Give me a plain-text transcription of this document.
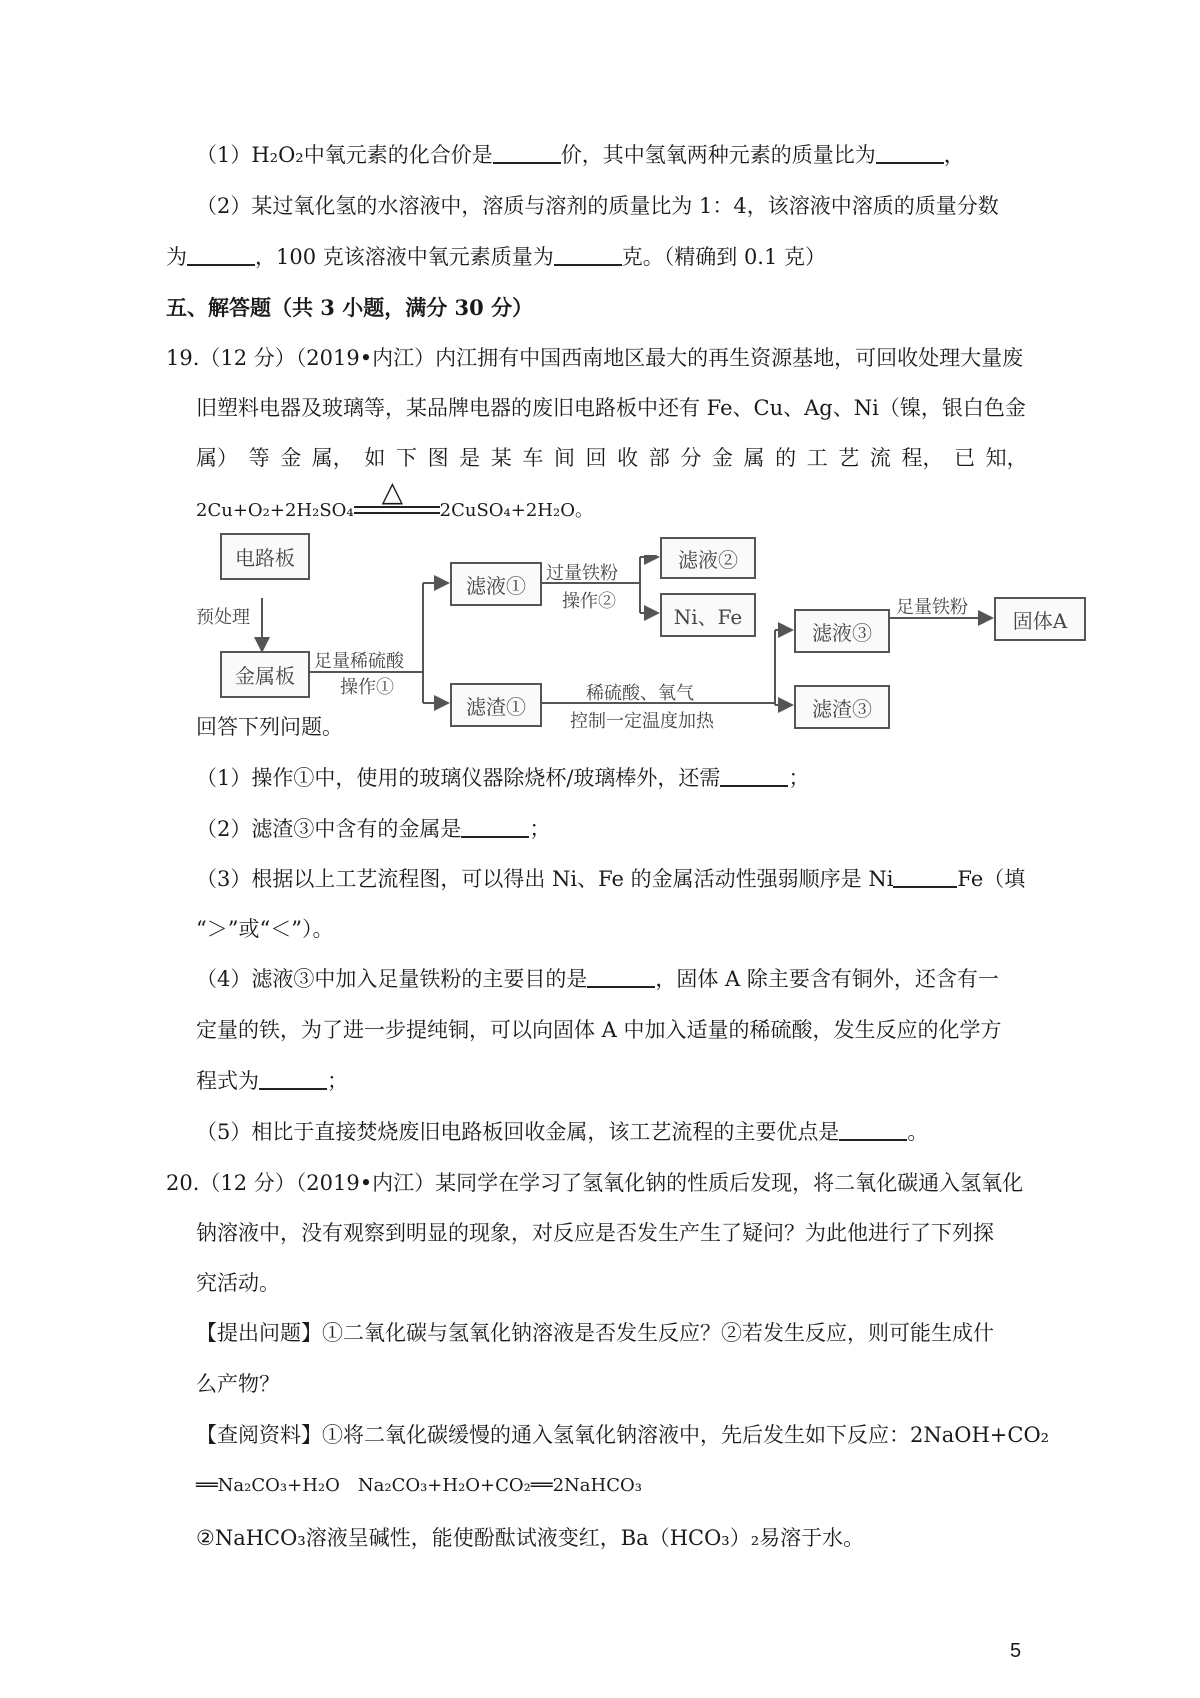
（1）H₂O₂中氧元素的化合价是	价，其中氢氧两种元素的质量比为	，
（2）某过氧化氢的水溶液中，溶质与溶剂的质量比为 1：4，该溶液中溶质的质量分数
为	，100 克该溶液中氧元素质量为	克。（精确到 0.1 克）
五、解答题（共 3 小题，满分 30 分）
19.（12 分）（2019•内江）内江拥有中国西南地区最大的再生资源基地，可回收处理大量废
旧塑料电器及玻璃等，某品牌电器的废旧电路板中还有 Fe、Cu、Ag、Ni（镍，银白色金
属） 等 金 属， 如 下 图 是 某 车 间 回 收 部 分 金 属 的 工 艺 流 程， 已 知，
2Cu+O₂+2H₂SO₄
△
2CuSO₄+2H₂O。
电路板
预处理
金属板
足量稀硫酸
操作①
滤液①	过量铁粉
操作②
滤液②
Ni、Fe
滤渣①
稀硫酸、氧气
控制一定温度加热
滤液③
足量铁粉
固体A
滤渣③
回答下列问题。
（1）操作①中，使用的玻璃仪器除烧杯/玻璃棒外，还需	；
（2）滤渣③中含有的金属是	；
（3）根据以上工艺流程图，可以得出 Ni、Fe 的金属活动性强弱顺序是 Ni	Fe（填
“＞”或“＜”）。
（4）滤液③中加入足量铁粉的主要目的是	，固体 A 除主要含有铜外，还含有一
定量的铁，为了进一步提纯铜，可以向固体 A 中加入适量的稀硫酸，发生反应的化学方
程式为	；
（5）相比于直接焚烧废旧电路板回收金属，该工艺流程的主要优点是	。
20.（12 分）（2019•内江）某同学在学习了氢氧化钠的性质后发现，将二氧化碳通入氢氧化
钠溶液中，没有观察到明显的现象，对反应是否发生产生了疑问？为此他进行了下列探
究活动。
【提出问题】①二氧化碳与氢氧化钠溶液是否发生反应？②若发生反应，则可能生成什
么产物？
【查阅资料】①将二氧化碳缓慢的通入氢氧化钠溶液中，先后发生如下反应：2NaOH+CO₂
══Na₂CO₃+H₂O　Na₂CO₃+H₂O+CO₂══2NaHCO₃
②NaHCO₃溶液呈碱性，能使酚酞试液变红，Ba（HCO₃）₂易溶于水。
5
